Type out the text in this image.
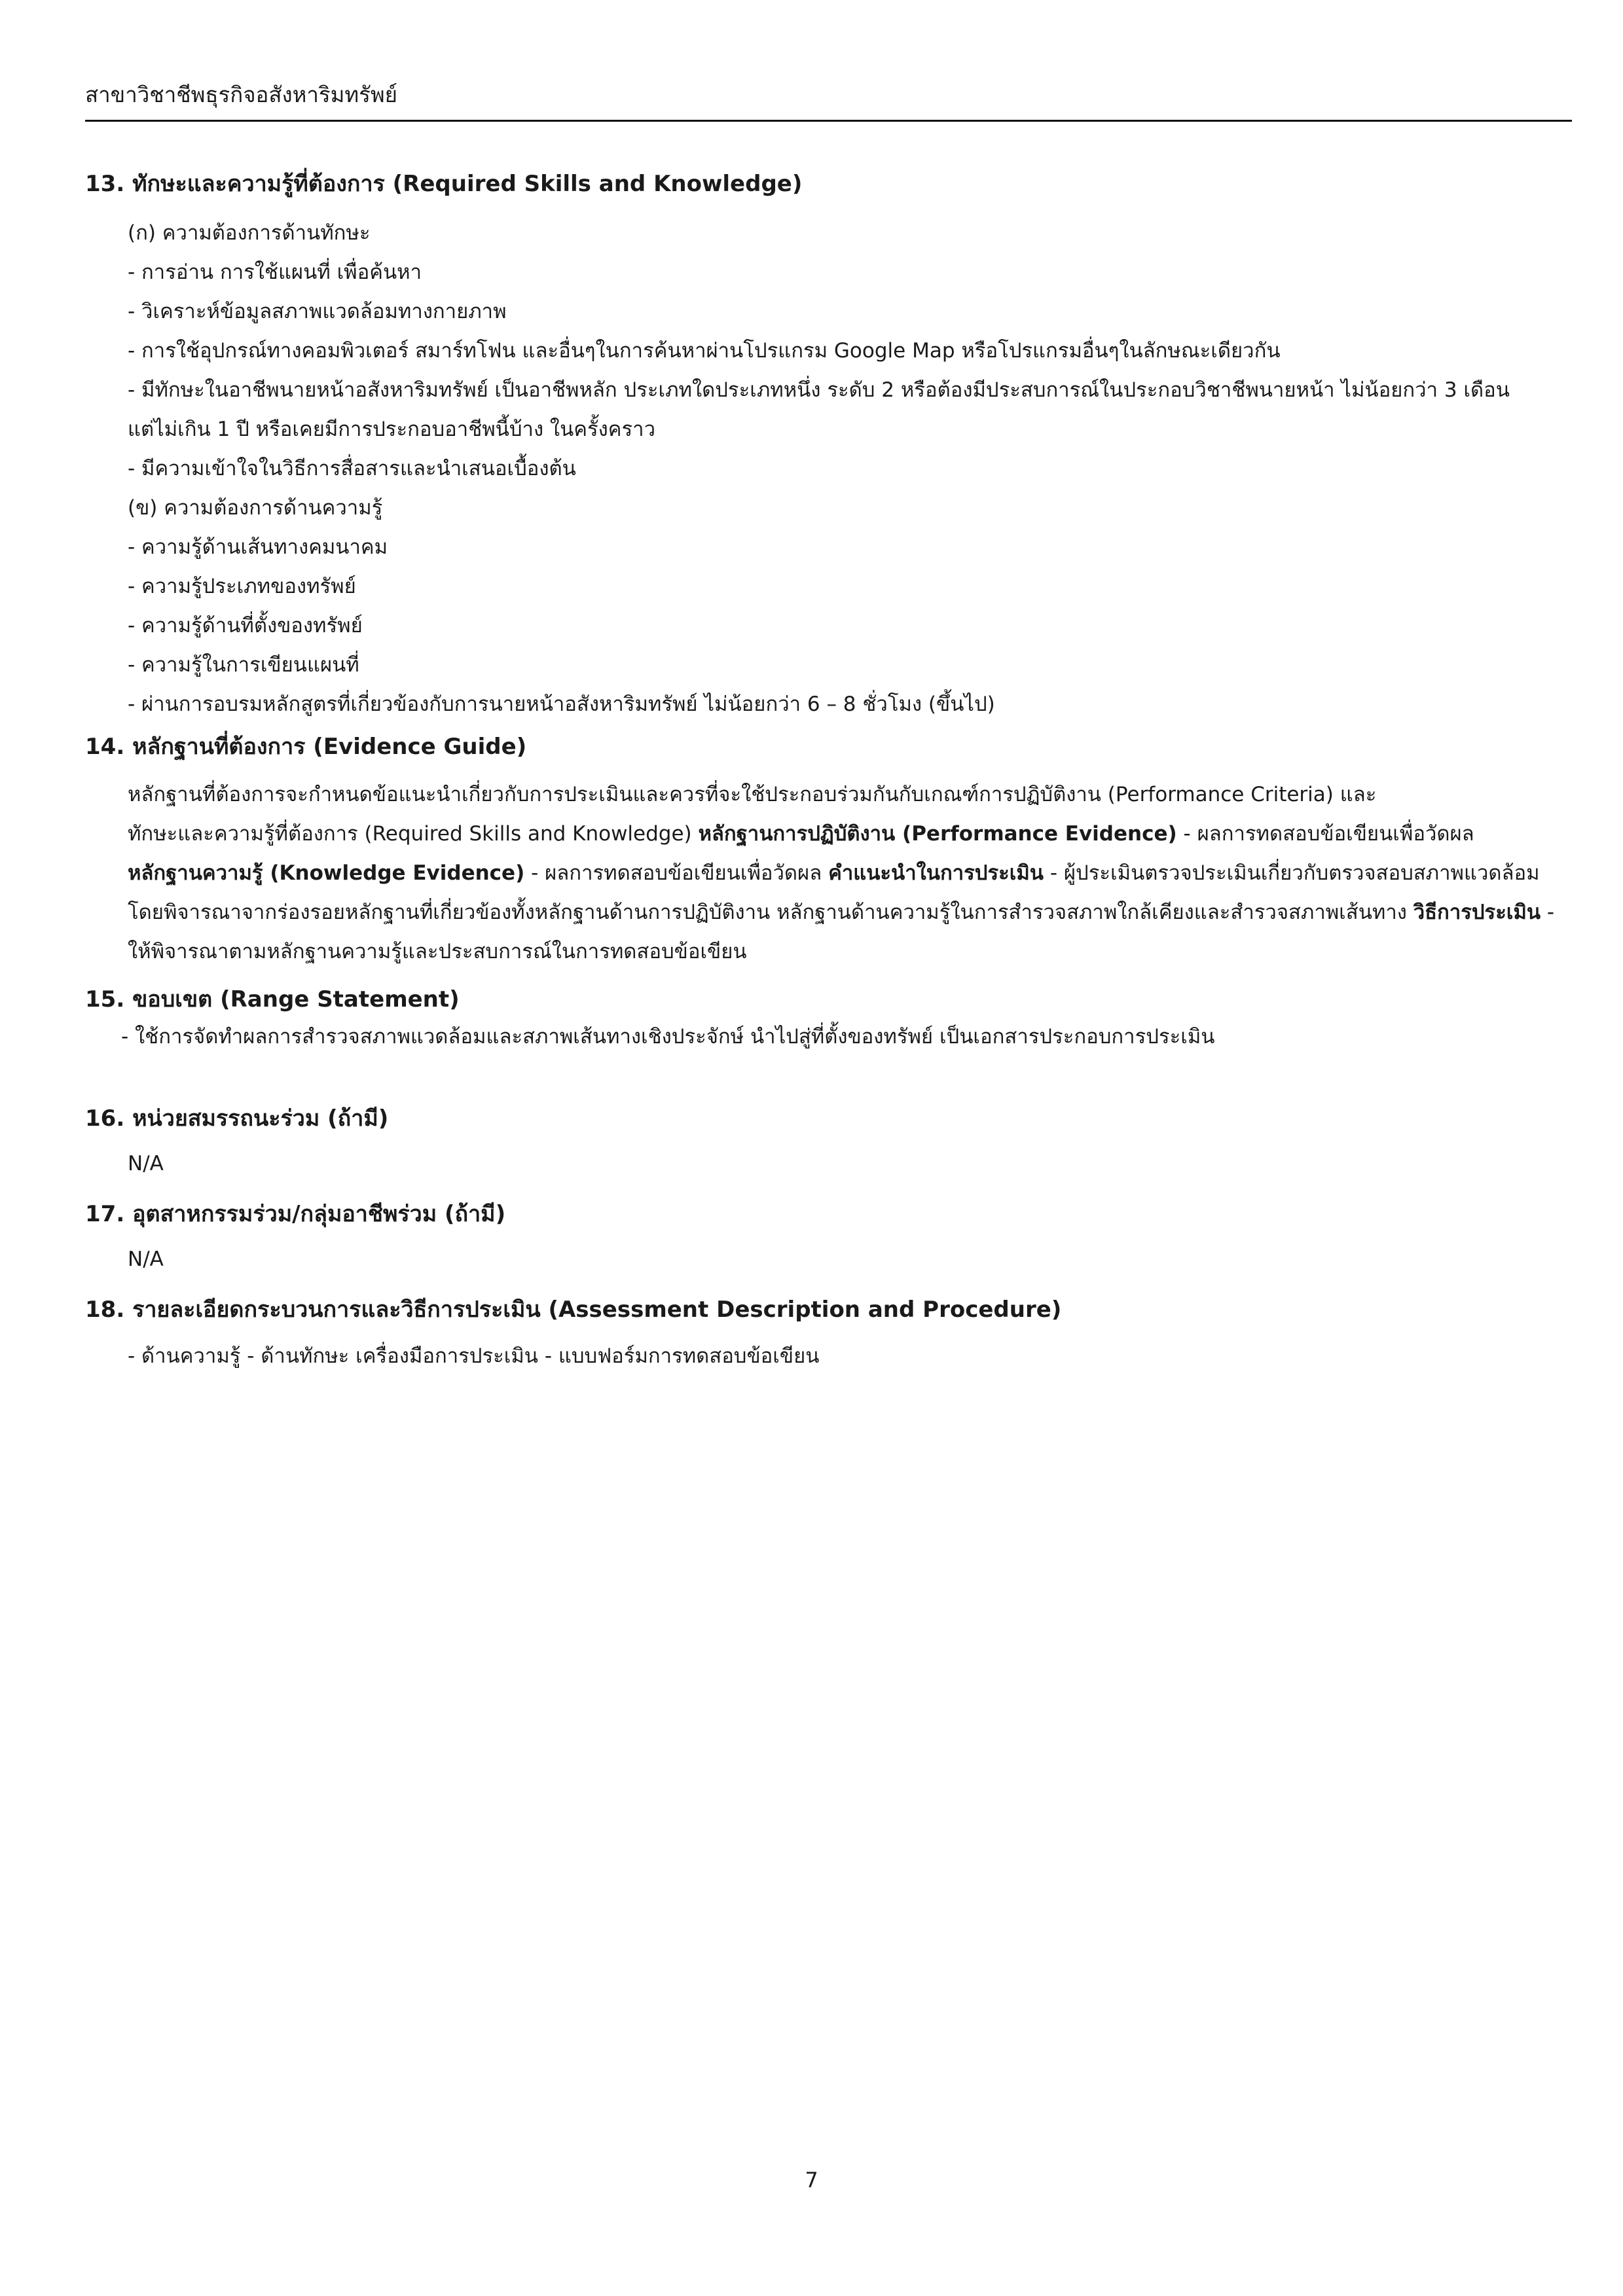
สาขาวิชาชีพธุรกิจอสังหาริมทรัพย์
13. ทักษะและความรู้ที่ต้องการ (Required Skills and Knowledge)
(ก) ความต้องการด้านทักษะ
- การอ่าน การใช้แผนที่ เพื่อค้นหา
- วิเคราะห์ข้อมูลสภาพแวดล้อมทางกายภาพ
- การใช้อุปกรณ์ทางคอมพิวเตอร์ สมาร์ทโฟน และอื่นๆในการค้นหาผ่านโปรแกรม Google Map หรือโปรแกรมอื่นๆในลักษณะเดียวกัน
- มีทักษะในอาชีพนายหน้าอสังหาริมทรัพย์ เป็นอาชีพหลัก ประเภทใดประเภทหนึ่ง ระดับ 2 หรือต้องมีประสบการณ์ในประกอบวิชาชีพนายหน้า ไม่น้อยกว่า 3 เดือน
แต่ไม่เกิน 1 ปี หรือเคยมีการประกอบอาชีพนี้บ้าง ในครั้งคราว
- มีความเข้าใจในวิธีการสื่อสารและนำเสนอเบื้องต้น
(ข) ความต้องการด้านความรู้
- ความรู้ด้านเส้นทางคมนาคม
- ความรู้ประเภทของทรัพย์
- ความรู้ด้านที่ตั้งของทรัพย์
- ความรู้ในการเขียนแผนที่
- ผ่านการอบรมหลักสูตรที่เกี่ยวข้องกับการนายหน้าอสังหาริมทรัพย์ ไม่น้อยกว่า 6 – 8 ชั่วโมง (ขึ้นไป)
14. หลักฐานที่ต้องการ (Evidence Guide)
หลักฐานที่ต้องการจะกำหนดข้อแนะนำเกี่ยวกับการประเมินและควรที่จะใช้ประกอบร่วมกันกับเกณฑ์การปฏิบัติงาน (Performance Criteria) และ
ทักษะและความรู้ที่ต้องการ (Required Skills and Knowledge) หลักฐานการปฏิบัติงาน (Performance Evidence) - ผลการทดสอบข้อเขียนเพื่อวัดผล
หลักฐานความรู้ (Knowledge Evidence) - ผลการทดสอบข้อเขียนเพื่อวัดผล คำแนะนำในการประเมิน - ผู้ประเมินตรวจประเมินเกี่ยวกับตรวจสอบสภาพแวดล้อม
โดยพิจารณาจากร่องรอยหลักฐานที่เกี่ยวข้องทั้งหลักฐานด้านการปฏิบัติงาน หลักฐานด้านความรู้ในการสำรวจสภาพใกล้เคียงและสำรวจสภาพเส้นทาง วิธีการประเมิน -
ให้พิจารณาตามหลักฐานความรู้และประสบการณ์ในการทดสอบข้อเขียน
15. ขอบเขต (Range Statement)
- ใช้การจัดทำผลการสำรวจสภาพแวดล้อมและสภาพเส้นทางเชิงประจักษ์ นำไปสู่ที่ตั้งของทรัพย์ เป็นเอกสารประกอบการประเมิน
16. หน่วยสมรรถนะร่วม (ถ้ามี)
N/A
17. อุตสาหกรรมร่วม/กลุ่มอาชีพร่วม (ถ้ามี)
N/A
18. รายละเอียดกระบวนการและวิธีการประเมิน (Assessment Description and Procedure)
- ด้านความรู้ - ด้านทักษะ เครื่องมือการประเมิน - แบบฟอร์มการทดสอบข้อเขียน
7
